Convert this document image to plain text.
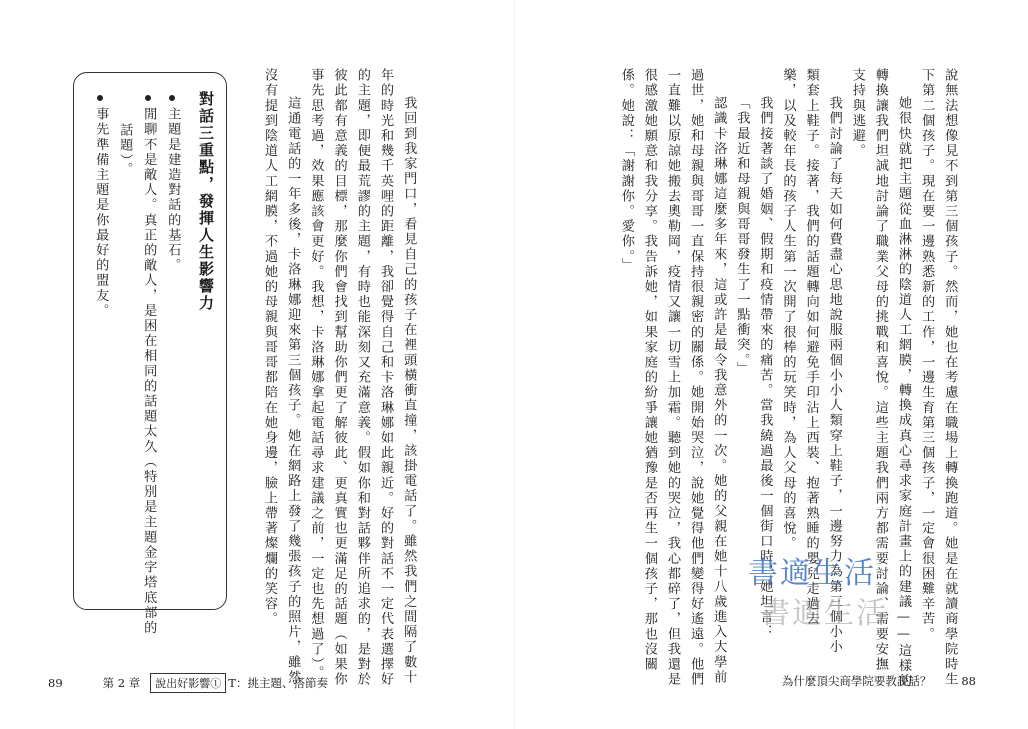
說無法想像見不到第三個孩子。然而，她也在考慮在職場上轉換跑道。她是在就讀商學院時生
下第二個孩子。現在要一邊熟悉新的工作，一邊生育第三個孩子，一定會很困難辛苦。
她很快就把主題從血淋淋的陰道人工網膜，轉換成真心尋求家庭計畫上的建議——這樣的
轉換讓我們坦誠地討論了職業父母的挑戰和喜悅。這些主題我們兩方都需要討論、需要安撫
支持與逃避。
我們討論了每天如何費盡心思地說服兩個小小人類穿上鞋子，一邊努力為第三個小小
類套上鞋子。接著，我們的話題轉向如何避免手印沾上西裝、抱著熟睡的嬰兒走過去
樂，以及較年長的孩子人生第一次開了很棒的玩笑時，為人父母的喜悅。
我們接著談了婚姻、假期和疫情帶來的痛苦。當我繞過最後一個街口時，她坦言：
「我最近和母親與哥哥發生了一點衝突。」
認識卡洛琳娜這麼多年來，這或許是最令我意外的一次。她的父親在她十八歲進入大學前
過世，她和母親與哥哥一直保持很親密的關係。她開始哭泣，說她覺得他們變得好遙遠。他們
一直難以原諒她搬去奧勒岡，疫情又讓一切雪上加霜。聽到她的哭泣，我心都碎了，但我還是
很感激她願意和我分享。我告訴她，如果家庭的紛爭讓她猶豫是否再生一個孩子，那也沒關
係。她說：「謝謝你。愛你。」
我回到我家門口，看見自己的孩子在裡頭橫衝直撞，該掛電話了。雖然我們之間隔了數十
年的時光和幾千英哩的距離，我卻覺得自己和卡洛琳娜如此親近。好的對話不一定代表選擇好
的主題，即便最荒謬的主題，有時也能深刻又充滿意義。假如你和對話夥伴所追求的，是對於
彼此都有意義的目標，那麼你們會找到幫助你們更了解彼此、更真實也更滿足的話題（如果你
事先思考過，效果應該會更好。我想，卡洛琳娜拿起電話尋求建議之前，一定也先想過了）。
這通電話的一年多後，卡洛琳娜迎來第三個孩子。她在網路上發了幾張孩子的照片，雖然
沒有提到陰道人工網膜，不過她的母親與哥哥都陪在她身邊，臉上帶著燦爛的笑容。
對話三重點，發揮人生影響力
主題是建造對話的基石。
閒聊不是敵人。真正的敵人，是困在相同的話題太久（特別是主題金字塔底部的
話題）。
事先準備主題是你最好的盟友。
89	第 2 章	說出好影響① T：挑主題、搭節奏	為什麼頂尖商學院要教說話？	88
書適生活
書適生活
